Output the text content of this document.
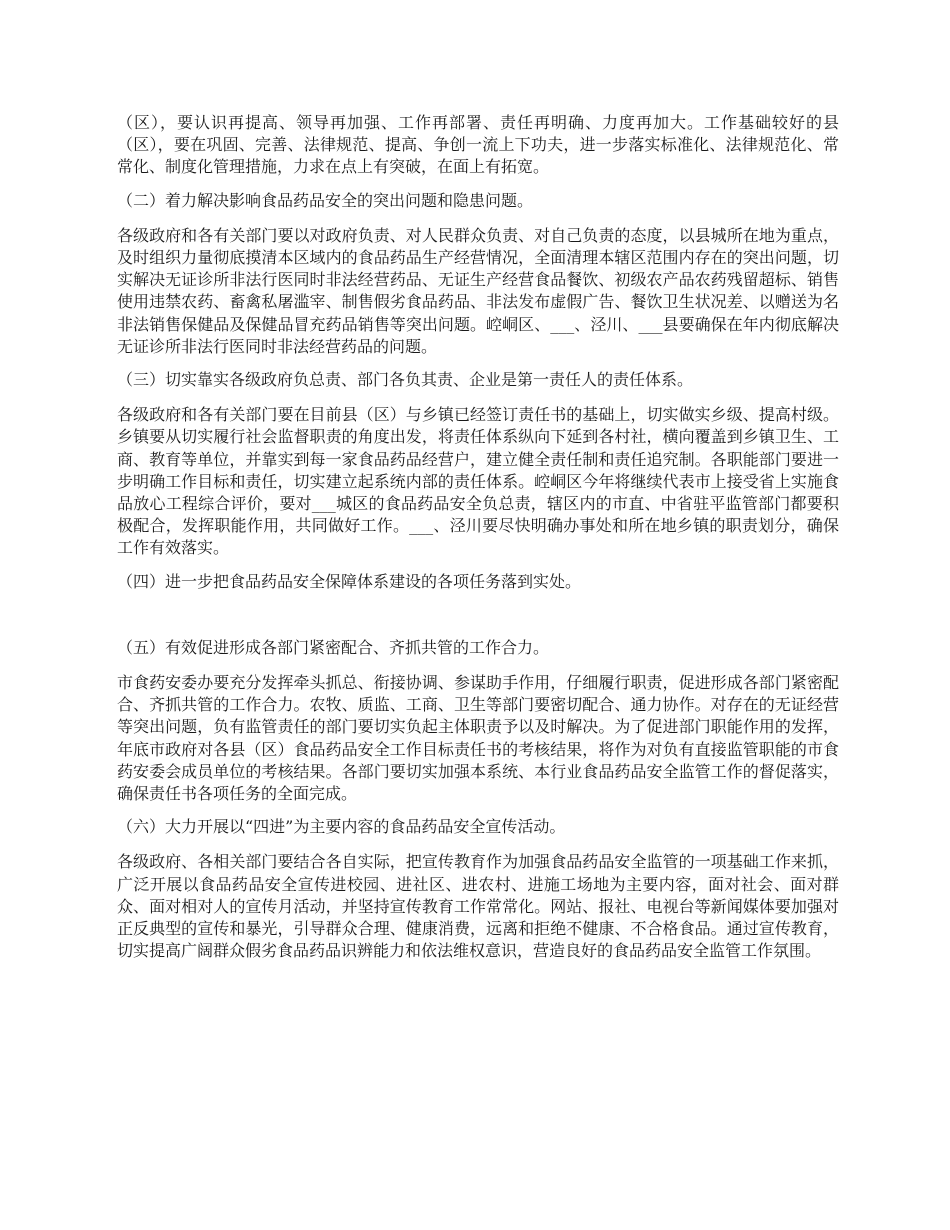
（区），要认识再提高、领导再加强、工作再部署、责任再明确、力度再加大。工作基础较好的县（区），要在巩固、完善、法律规范、提高、争创一流上下功夫，进一步落实标准化、法律规范化、常常化、制度化管理措施，力求在点上有突破，在面上有拓宽。

（二）着力解决影响食品药品安全的突出问题和隐患问题。

各级政府和各有关部门要以对政府负责、对人民群众负责、对自己负责的态度，以县城所在地为重点，及时组织力量彻底摸清本区域内的食品药品生产经营情况，全面清理本辖区范围内存在的突出问题，切实解决无证诊所非法行医同时非法经营药品、无证生产经营食品餐饮、初级农产品农药残留超标、销售使用违禁农药、畜禽私屠滥宰、制售假劣食品药品、非法发布虚假广告、餐饮卫生状况差、以赠送为名非法销售保健品及保健品冒充药品销售等突出问题。崆峒区、___、泾川、___县要确保在年内彻底解决无证诊所非法行医同时非法经营药品的问题。

（三）切实靠实各级政府负总责、部门各负其责、企业是第一责任人的责任体系。

各级政府和各有关部门要在目前县（区）与乡镇已经签订责任书的基础上，切实做实乡级、提高村级。乡镇要从切实履行社会监督职责的角度出发，将责任体系纵向下延到各村社，横向覆盖到乡镇卫生、工商、教育等单位，并靠实到每一家食品药品经营户，建立健全责任制和责任追究制。各职能部门要进一步明确工作目标和责任，切实建立起系统内部的责任体系。崆峒区今年将继续代表市上接受省上实施食品放心工程综合评价，要对___城区的食品药品安全负总责，辖区内的市直、中省驻平监管部门都要积极配合，发挥职能作用，共同做好工作。___、泾川要尽快明确办事处和所在地乡镇的职责划分，确保工作有效落实。

（四）进一步把食品药品安全保障体系建设的各项任务落到实处。

（五）有效促进形成各部门紧密配合、齐抓共管的工作合力。

市食药安委办要充分发挥牵头抓总、衔接协调、参谋助手作用，仔细履行职责，促进形成各部门紧密配合、齐抓共管的工作合力。农牧、质监、工商、卫生等部门要密切配合、通力协作。对存在的无证经营等突出问题，负有监管责任的部门要切实负起主体职责予以及时解决。为了促进部门职能作用的发挥，年底市政府对各县（区）食品药品安全工作目标责任书的考核结果，将作为对负有直接监管职能的市食药安委会成员单位的考核结果。各部门要切实加强本系统、本行业食品药品安全监管工作的督促落实，确保责任书各项任务的全面完成。

（六）大力开展以“四进”为主要内容的食品药品安全宣传活动。

各级政府、各相关部门要结合各自实际，把宣传教育作为加强食品药品安全监管的一项基础工作来抓，广泛开展以食品药品安全宣传进校园、进社区、进农村、进施工场地为主要内容，面对社会、面对群众、面对相对人的宣传月活动，并坚持宣传教育工作常常化。网站、报社、电视台等新闻媒体要加强对正反典型的宣传和暴光，引导群众合理、健康消费，远离和拒绝不健康、不合格食品。通过宣传教育，切实提高广阔群众假劣食品药品识辨能力和依法维权意识，营造良好的食品药品安全监管工作氛围。
